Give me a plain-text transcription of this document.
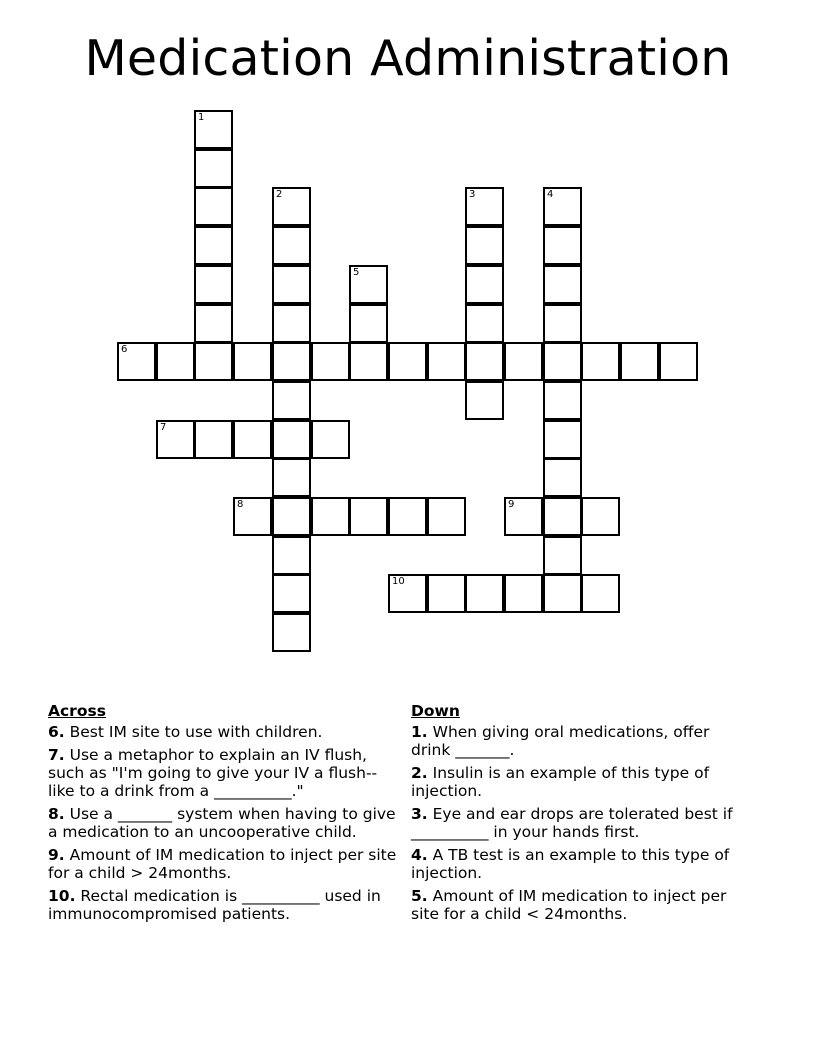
Medication Administration
1
2	3	4
5
6
7
8	9
10
Across
6. Best IM site to use with children.
7. Use a metaphor to explain an IV flush, such as "I'm going to give your IV a flush-- like to a drink from a __________."
8. Use a _______ system when having to give a medication to an uncooperative child.
9. Amount of IM medication to inject per site for a child > 24months.
10. Rectal medication is __________ used in immunocompromised patients.
Down
1. When giving oral medications, offer drink _______.
2. Insulin is an example of this type of injection.
3. Eye and ear drops are tolerated best if __________ in your hands first.
4. A TB test is an example to this type of injection.
5. Amount of IM medication to inject per site for a child < 24months.
